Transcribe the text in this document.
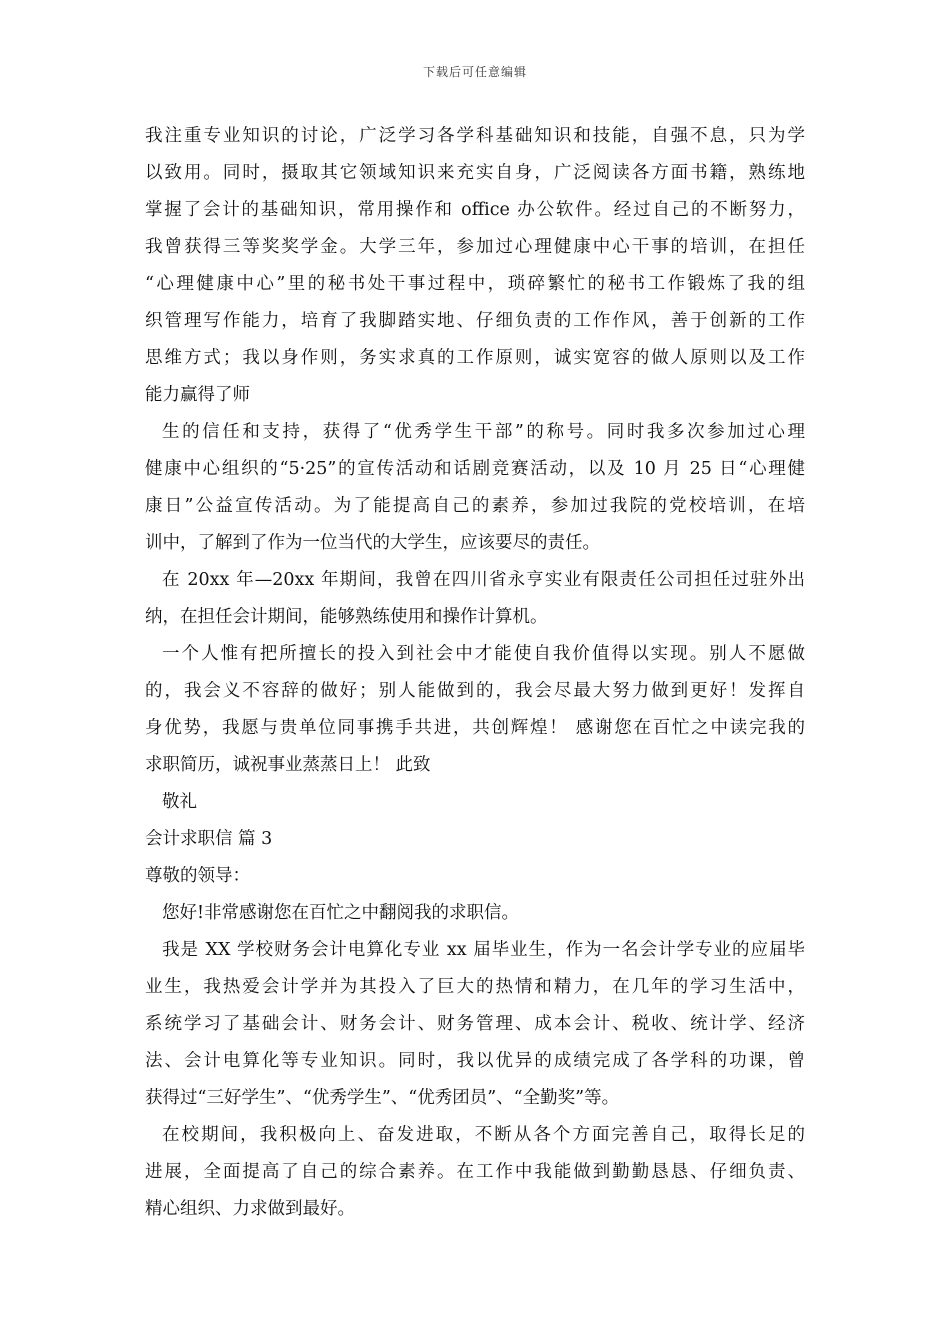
下载后可任意编辑
我注重专业知识的讨论，广泛学习各学科基础知识和技能，自强不息，只为学
以致用。同时，摄取其它领域知识来充实自身，广泛阅读各方面书籍，熟练地
掌握了会计的基础知识，常用操作和 office 办公软件。经过自己的不断努力，
我曾获得三等奖奖学金。大学三年，参加过心理健康中心干事的培训，在担任
“心理健康中心”里的秘书处干事过程中，琐碎繁忙的秘书工作锻炼了我的组
织管理写作能力，培育了我脚踏实地、仔细负责的工作作风，善于创新的工作
思维方式；我以身作则，务实求真的工作原则，诚实宽容的做人原则以及工作
能力赢得了师
生的信任和支持，获得了“优秀学生干部”的称号。同时我多次参加过心理
健康中心组织的“5·25”的宣传活动和话剧竞赛活动，以及 10 月 25 日“心理健
康日”公益宣传活动。为了能提高自己的素养，参加过我院的党校培训，在培
训中，了解到了作为一位当代的大学生，应该要尽的责任。
在 20xx 年—20xx 年期间，我曾在四川省永亨实业有限责任公司担任过驻外出
纳，在担任会计期间，能够熟练使用和操作计算机。
一个人惟有把所擅长的投入到社会中才能使自我价值得以实现。别人不愿做
的，我会义不容辞的做好；别人能做到的，我会尽最大努力做到更好！发挥自
身优势，我愿与贵单位同事携手共进，共创辉煌！ 感谢您在百忙之中读完我的
求职简历，诚祝事业蒸蒸日上！ 此致
敬礼
会计求职信 篇 3
尊敬的领导：
您好!非常感谢您在百忙之中翻阅我的求职信。
我是 XX 学校财务会计电算化专业 xx 届毕业生，作为一名会计学专业的应届毕
业生，我热爱会计学并为其投入了巨大的热情和精力，在几年的学习生活中，
系统学习了基础会计、财务会计、财务管理、成本会计、税收、统计学、经济
法、会计电算化等专业知识。同时，我以优异的成绩完成了各学科的功课，曾
获得过“三好学生”、“优秀学生”、“优秀团员”、“全勤奖”等。
在校期间，我积极向上、奋发进取，不断从各个方面完善自己，取得长足的
进展，全面提高了自己的综合素养。在工作中我能做到勤勤恳恳、仔细负责、
精心组织、力求做到最好。
